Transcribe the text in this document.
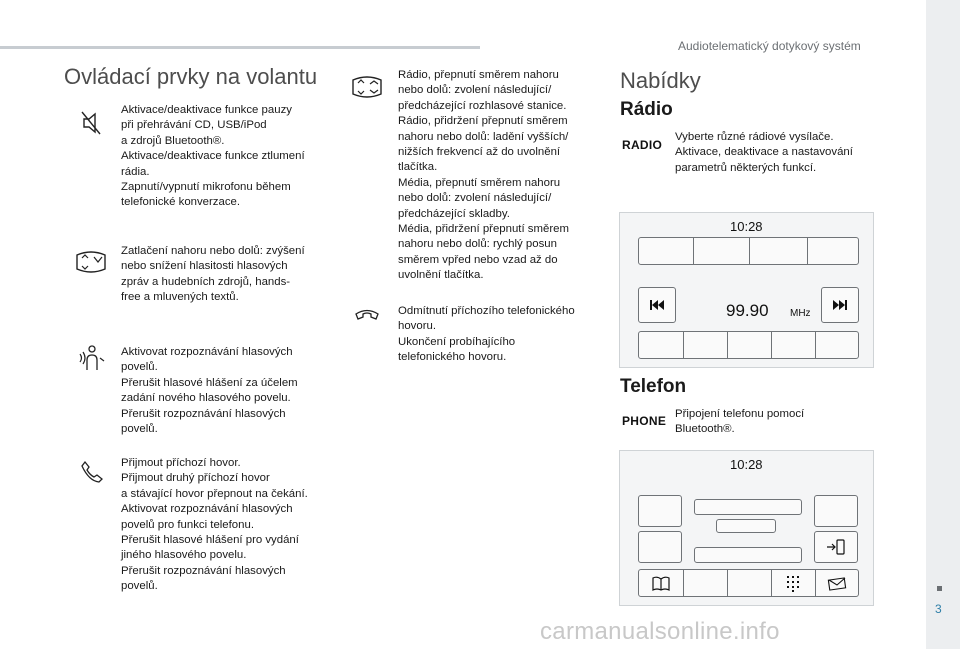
Audiotelematický dotykový systém
3
carmanualsonline.info
Ovládací prvky na volantu
Aktivace/deaktivace funkce pauzy
při přehrávání CD, USB/iPod
a zdrojů Bluetooth®.
Aktivace/deaktivace funkce ztlumení
rádia.
Zapnutí/vypnutí mikrofonu během
telefonické konverzace.
Zatlačení nahoru nebo dolů: zvýšení
nebo snížení hlasitosti hlasových
zpráv a hudebních zdrojů, hands-
free a mluvených textů.
Aktivovat rozpoznávání hlasových
povelů.
Přerušit hlasové hlášení za účelem
zadání nového hlasového povelu.
Přerušit rozpoznávání hlasových
povelů.
Přijmout příchozí hovor.
Přijmout druhý příchozí hovor
a stávající hovor přepnout na čekání.
Aktivovat rozpoznávání hlasových
povelů pro funkci telefonu.
Přerušit hlasové hlášení pro vydání
jiného hlasového povelu.
Přerušit rozpoznávání hlasových
povelů.
Rádio, přepnutí směrem nahoru
nebo dolů: zvolení následující/
předcházející rozhlasové stanice.
Rádio, přidržení přepnutí směrem
nahoru nebo dolů: ladění vyšších/
nižších frekvencí až do uvolnění
tlačítka.
Média, přepnutí směrem nahoru
nebo dolů: zvolení následující/
předcházející skladby.
Média, přidržení přepnutí směrem
nahoru nebo dolů: rychlý posun
směrem vpřed nebo vzad až do
uvolnění tlačítka.
Odmítnutí příchozího telefonického
hovoru.
Ukončení probíhajícího
telefonického hovoru.
Nabídky
Rádio
RADIO
Vyberte různé rádiové vysílače.
Aktivace, deaktivace a nastavování
parametrů některých funkcí.
10:28
99.90 MHz
Telefon
PHONE Připojení telefonu pomocí
Bluetooth®.
10:28
